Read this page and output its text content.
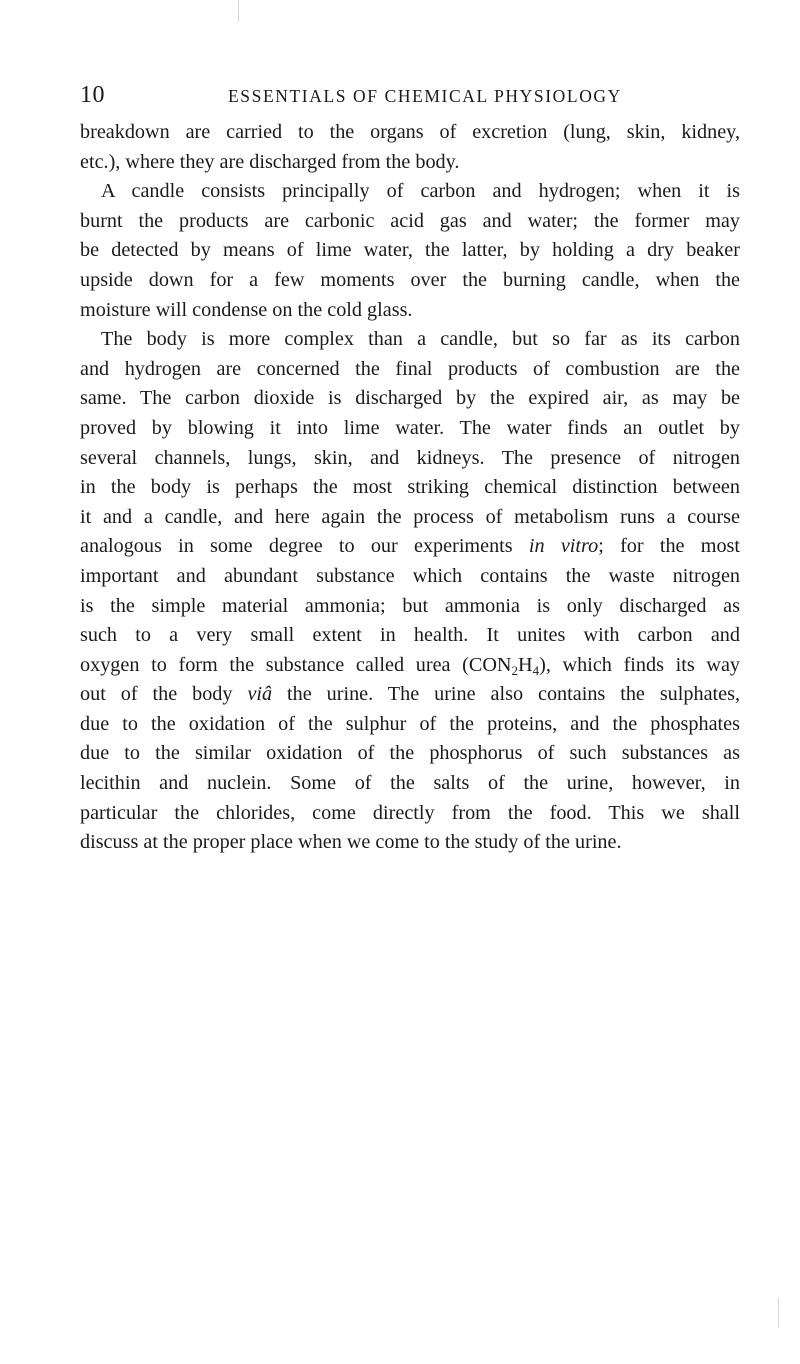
10	ESSENTIALS OF CHEMICAL PHYSIOLOGY
breakdown are carried to the organs of excretion (lung, skin, kidney,
etc.), where they are discharged from the body.
A candle consists principally of carbon and hydrogen; when it is
burnt the products are carbonic acid gas and water; the former may
be detected by means of lime water, the latter, by holding a dry beaker
upside down for a few moments over the burning candle, when the
moisture will condense on the cold glass.
The body is more complex than a candle, but so far as its carbon
and hydrogen are concerned the final products of combustion are the
same. The carbon dioxide is discharged by the expired air, as may be
proved by blowing it into lime water. The water finds an outlet by
several channels, lungs, skin, and kidneys. The presence of nitrogen
in the body is perhaps the most striking chemical distinction between
it and a candle, and here again the process of metabolism runs a course
analogous in some degree to our experiments in vitro; for the most
important and abundant substance which contains the waste nitrogen
is the simple material ammonia; but ammonia is only discharged as
such to a very small extent in health. It unites with carbon and
oxygen to form the substance called urea $(CON_2H_4)$, which finds its way
out of the body viâ the urine. The urine also contains the sulphates,
due to the oxidation of the sulphur of the proteins, and the phosphates
due to the similar oxidation of the phosphorus of such substances as
lecithin and nuclein. Some of the salts of the urine, however, in
particular the chlorides, come directly from the food. This we shall
discuss at the proper place when we come to the study of the urine.
